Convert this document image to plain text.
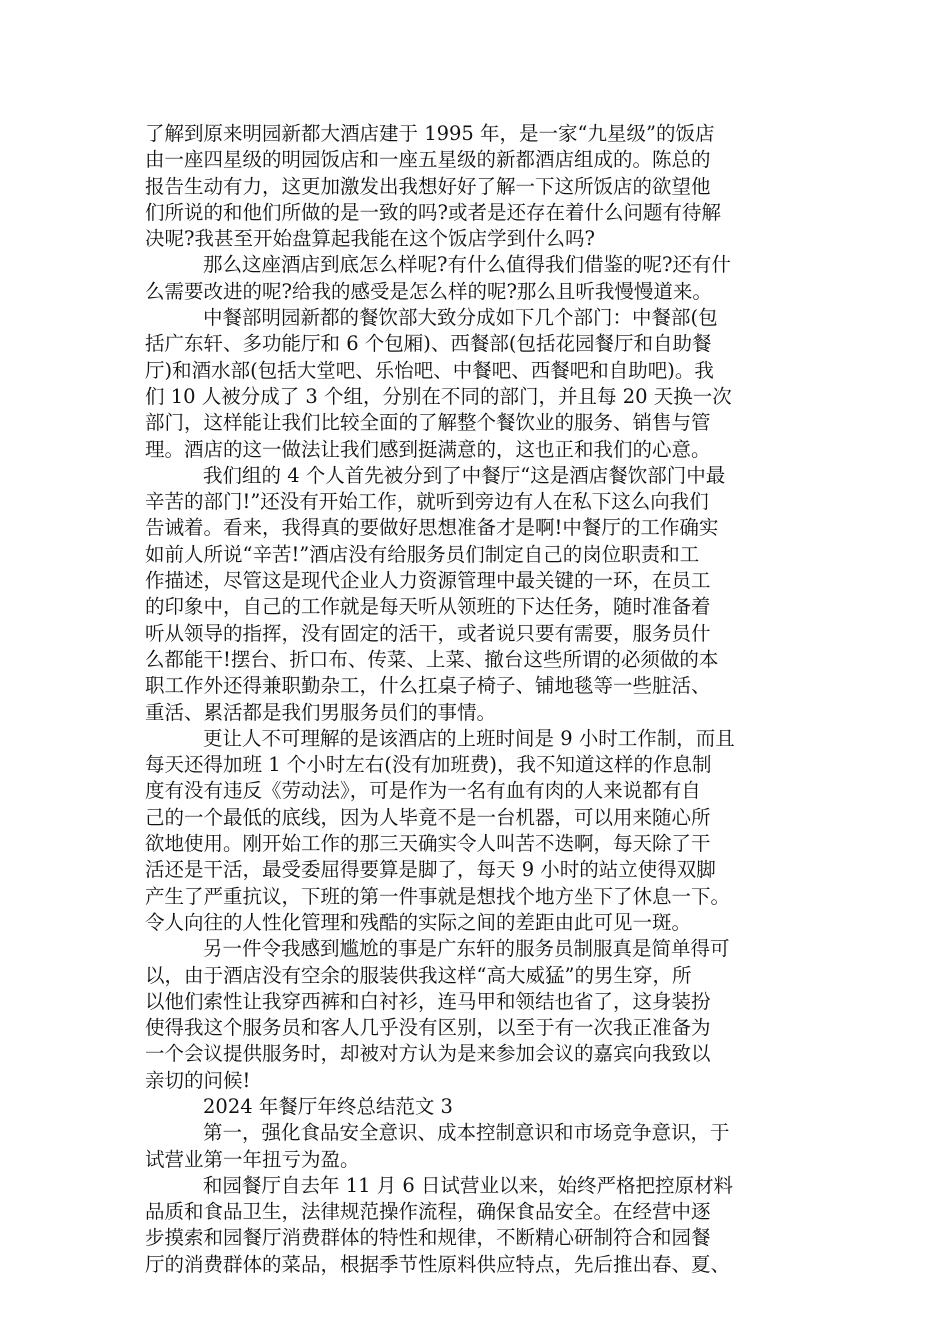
了解到原来明园新都大酒店建于 1995 年，是一家“九星级”的饭店
由一座四星级的明园饭店和一座五星级的新都酒店组成的。陈总的
报告生动有力，这更加激发出我想好好了解一下这所饭店的欲望他
们所说的和他们所做的是一致的吗?或者是还存在着什么问题有待解
决呢?我甚至开始盘算起我能在这个饭店学到什么吗?
那么这座酒店到底怎么样呢?有什么值得我们借鉴的呢?还有什
么需要改进的呢?给我的感受是怎么样的呢?那么且听我慢慢道来。
中餐部明园新都的餐饮部大致分成如下几个部门：中餐部(包
括广东轩、多功能厅和 6 个包厢)、西餐部(包括花园餐厅和自助餐
厅)和酒水部(包括大堂吧、乐怡吧、中餐吧、西餐吧和自助吧)。我
们 10 人被分成了 3 个组，分别在不同的部门，并且每 20 天换一次
部门，这样能让我们比较全面的了解整个餐饮业的服务、销售与管
理。酒店的这一做法让我们感到挺满意的，这也正和我们的心意。
我们组的 4 个人首先被分到了中餐厅“这是酒店餐饮部门中最
辛苦的部门!”还没有开始工作，就听到旁边有人在私下这么向我们
告诫着。看来，我得真的要做好思想准备才是啊!中餐厅的工作确实
如前人所说“辛苦!”酒店没有给服务员们制定自己的岗位职责和工
作描述，尽管这是现代企业人力资源管理中最关键的一环，在员工
的印象中，自己的工作就是每天听从领班的下达任务，随时准备着
听从领导的指挥，没有固定的活干，或者说只要有需要，服务员什
么都能干!摆台、折口布、传菜、上菜、撤台这些所谓的必须做的本
职工作外还得兼职勤杂工，什么扛桌子椅子、铺地毯等一些脏活、
重活、累活都是我们男服务员们的事情。
更让人不可理解的是该酒店的上班时间是 9 小时工作制，而且
每天还得加班 1 个小时左右(没有加班费)，我不知道这样的作息制
度有没有违反《劳动法》，可是作为一名有血有肉的人来说都有自
己的一个最低的底线，因为人毕竟不是一台机器，可以用来随心所
欲地使用。刚开始工作的那三天确实令人叫苦不迭啊，每天除了干
活还是干活，最受委屈得要算是脚了，每天 9 小时的站立使得双脚
产生了严重抗议，下班的第一件事就是想找个地方坐下了休息一下。
令人向往的人性化管理和残酷的实际之间的差距由此可见一斑。
另一件令我感到尴尬的事是广东轩的服务员制服真是简单得可
以，由于酒店没有空余的服装供我这样“高大威猛”的男生穿，所
以他们索性让我穿西裤和白衬衫，连马甲和领结也省了，这身装扮
使得我这个服务员和客人几乎没有区别，以至于有一次我正准备为
一个会议提供服务时，却被对方认为是来参加会议的嘉宾向我致以
亲切的问候!
2024 年餐厅年终总结范文 3
第一，强化食品安全意识、成本控制意识和市场竞争意识，于
试营业第一年扭亏为盈。
和园餐厅自去年 11 月 6 日试营业以来，始终严格把控原材料
品质和食品卫生，法律规范操作流程，确保食品安全。在经营中逐
步摸索和园餐厅消费群体的特性和规律，不断精心研制符合和园餐
厅的消费群体的菜品，根据季节性原料供应特点，先后推出春、夏、
